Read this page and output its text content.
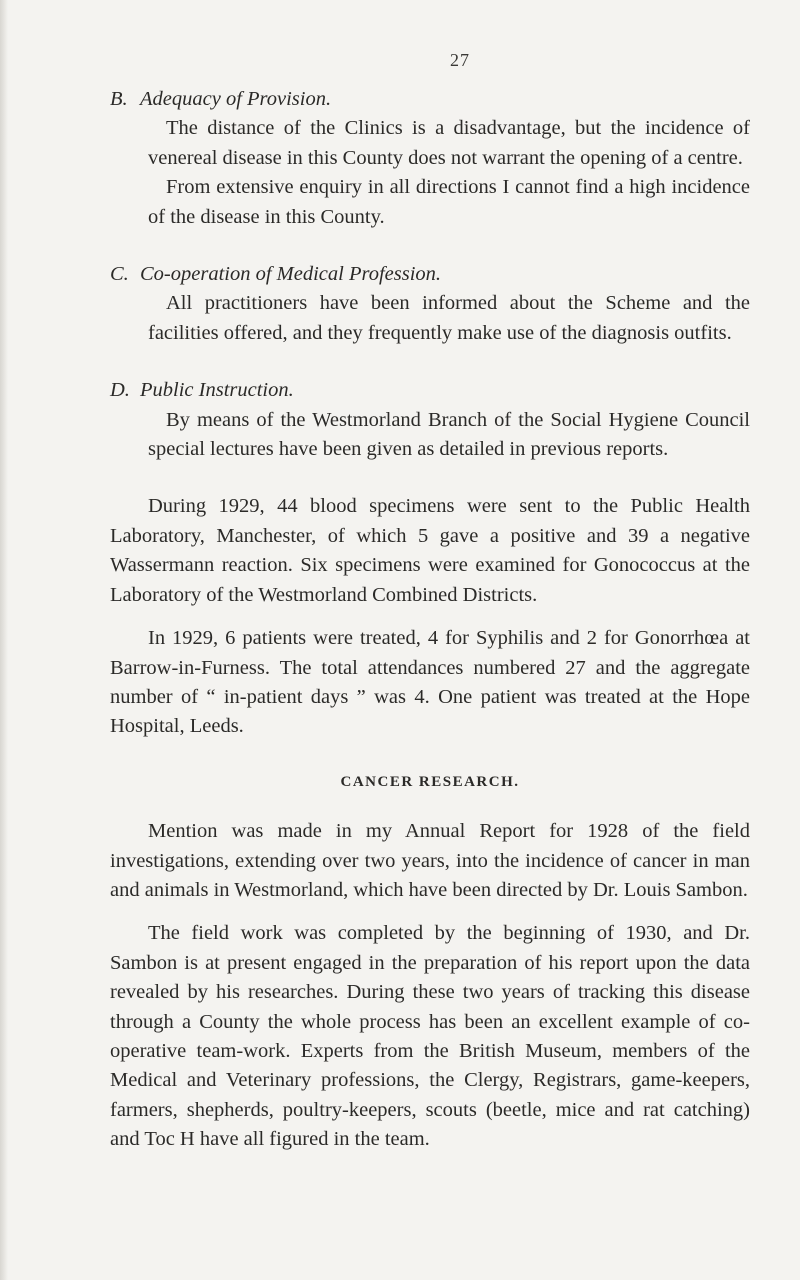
27
B. Adequacy of Provision.

The distance of the Clinics is a disadvantage, but the incidence of venereal disease in this County does not warrant the opening of a centre.

From extensive enquiry in all directions I cannot find a high incidence of the disease in this County.

C. Co-operation of Medical Profession.

All practitioners have been informed about the Scheme and the facilities offered, and they frequently make use of the diagnosis outfits.

D. Public Instruction.

By means of the Westmorland Branch of the Social Hygiene Council special lectures have been given as detailed in previous reports.

During 1929, 44 blood specimens were sent to the Public Health Laboratory, Manchester, of which 5 gave a positive and 39 a negative Wassermann reaction. Six specimens were examined for Gonococcus at the Laboratory of the Westmorland Combined Districts.

In 1929, 6 patients were treated, 4 for Syphilis and 2 for Gonorrhœa at Barrow-in-Furness. The total attendances numbered 27 and the aggregate number of “ in-patient days ” was 4. One patient was treated at the Hope Hospital, Leeds.

CANCER RESEARCH.

Mention was made in my Annual Report for 1928 of the field investigations, extending over two years, into the incidence of cancer in man and animals in Westmorland, which have been directed by Dr. Louis Sambon.

The field work was completed by the beginning of 1930, and Dr. Sambon is at present engaged in the preparation of his report upon the data revealed by his researches. During these two years of tracking this disease through a County the whole process has been an excellent example of co-operative team-work. Experts from the British Museum, members of the Medical and Veterinary professions, the Clergy, Registrars, game-keepers, farmers, shepherds, poultry-keepers, scouts (beetle, mice and rat catching) and Toc H have all figured in the team.
